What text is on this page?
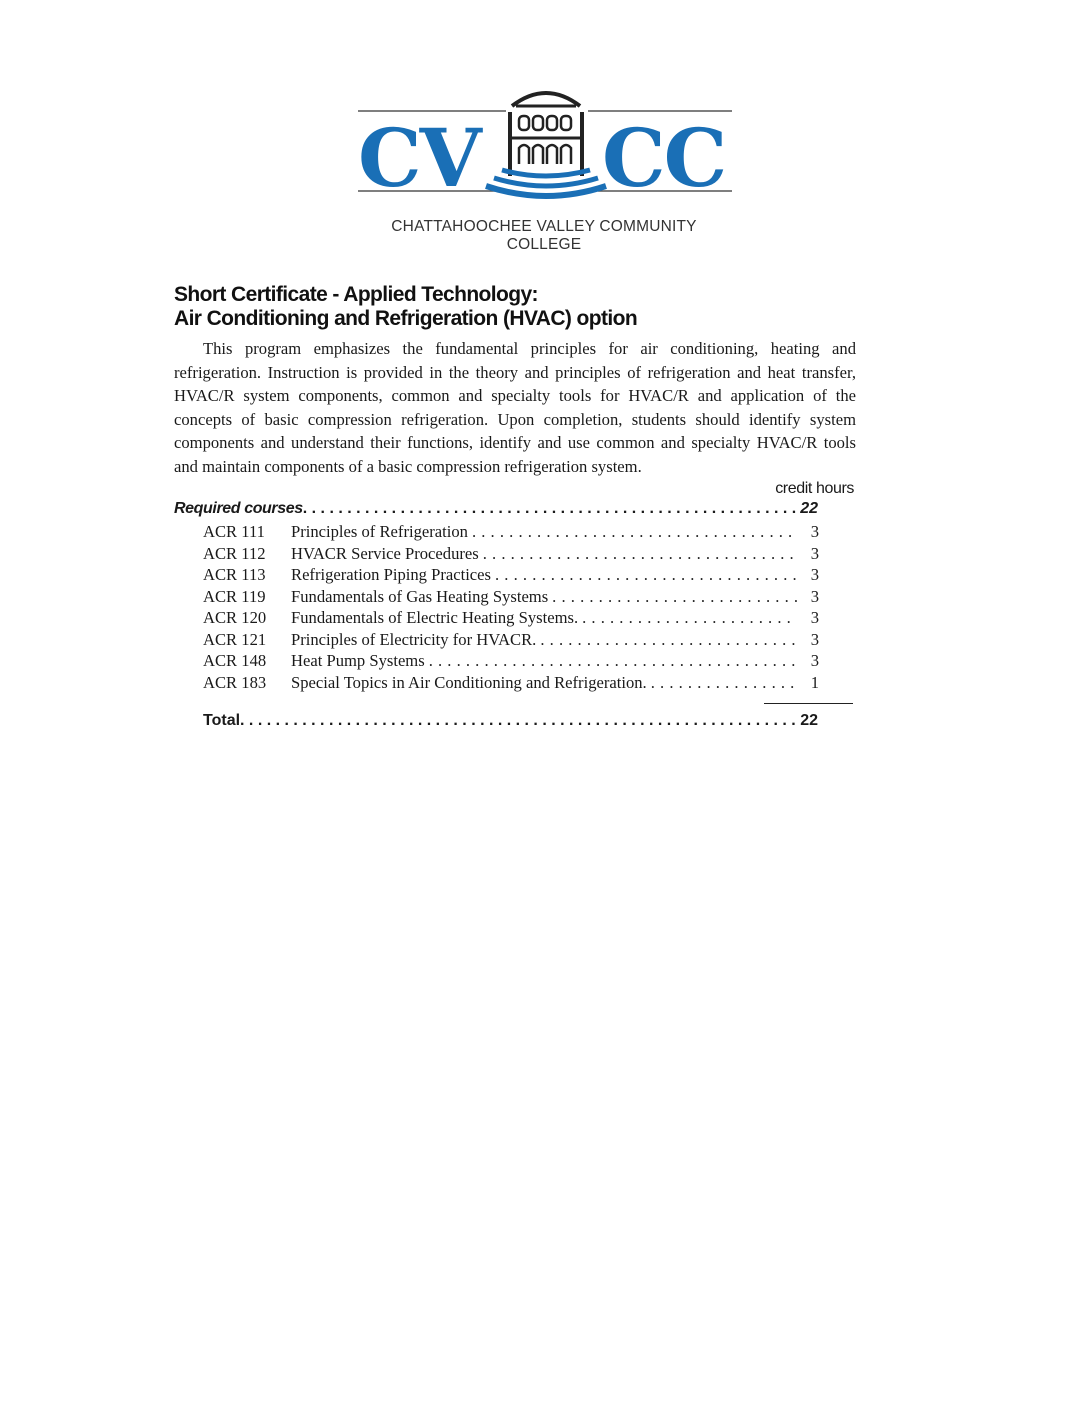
CV CC
CHATTAHOOCHEE VALLEY COMMUNITY COLLEGE
Short Certificate - Applied Technology:
Air Conditioning and Refrigeration (HVAC) option

This program emphasizes the fundamental principles for air conditioning, heating and refrigeration. Instruction is provided in the theory and principles of refrigeration and heat transfer, HVAC/R system components, common and specialty tools for HVAC/R and application of the concepts of basic compression refrigeration. Upon completion, students should identify system components and understand their functions, identify and use common and specialty HVAC/R tools and maintain components of a basic compression refrigeration system.

credit hours
Required courses . . .	22
ACR 111	Principles of Refrigeration . . .	3
ACR 112	HVACR Service Procedures . . .	3
ACR 113	Refrigeration Piping Practices . . .	3
ACR 119	Fundamentals of Gas Heating Systems . . .	3
ACR 120	Fundamentals of Electric Heating Systems. . . .	3
ACR 121	Principles of Electricity for HVACR. . . .	3
ACR 148	Heat Pump Systems . . .	3
ACR 183	Special Topics in Air Conditioning and Refrigeration. . . .	1
Total . . .	22
